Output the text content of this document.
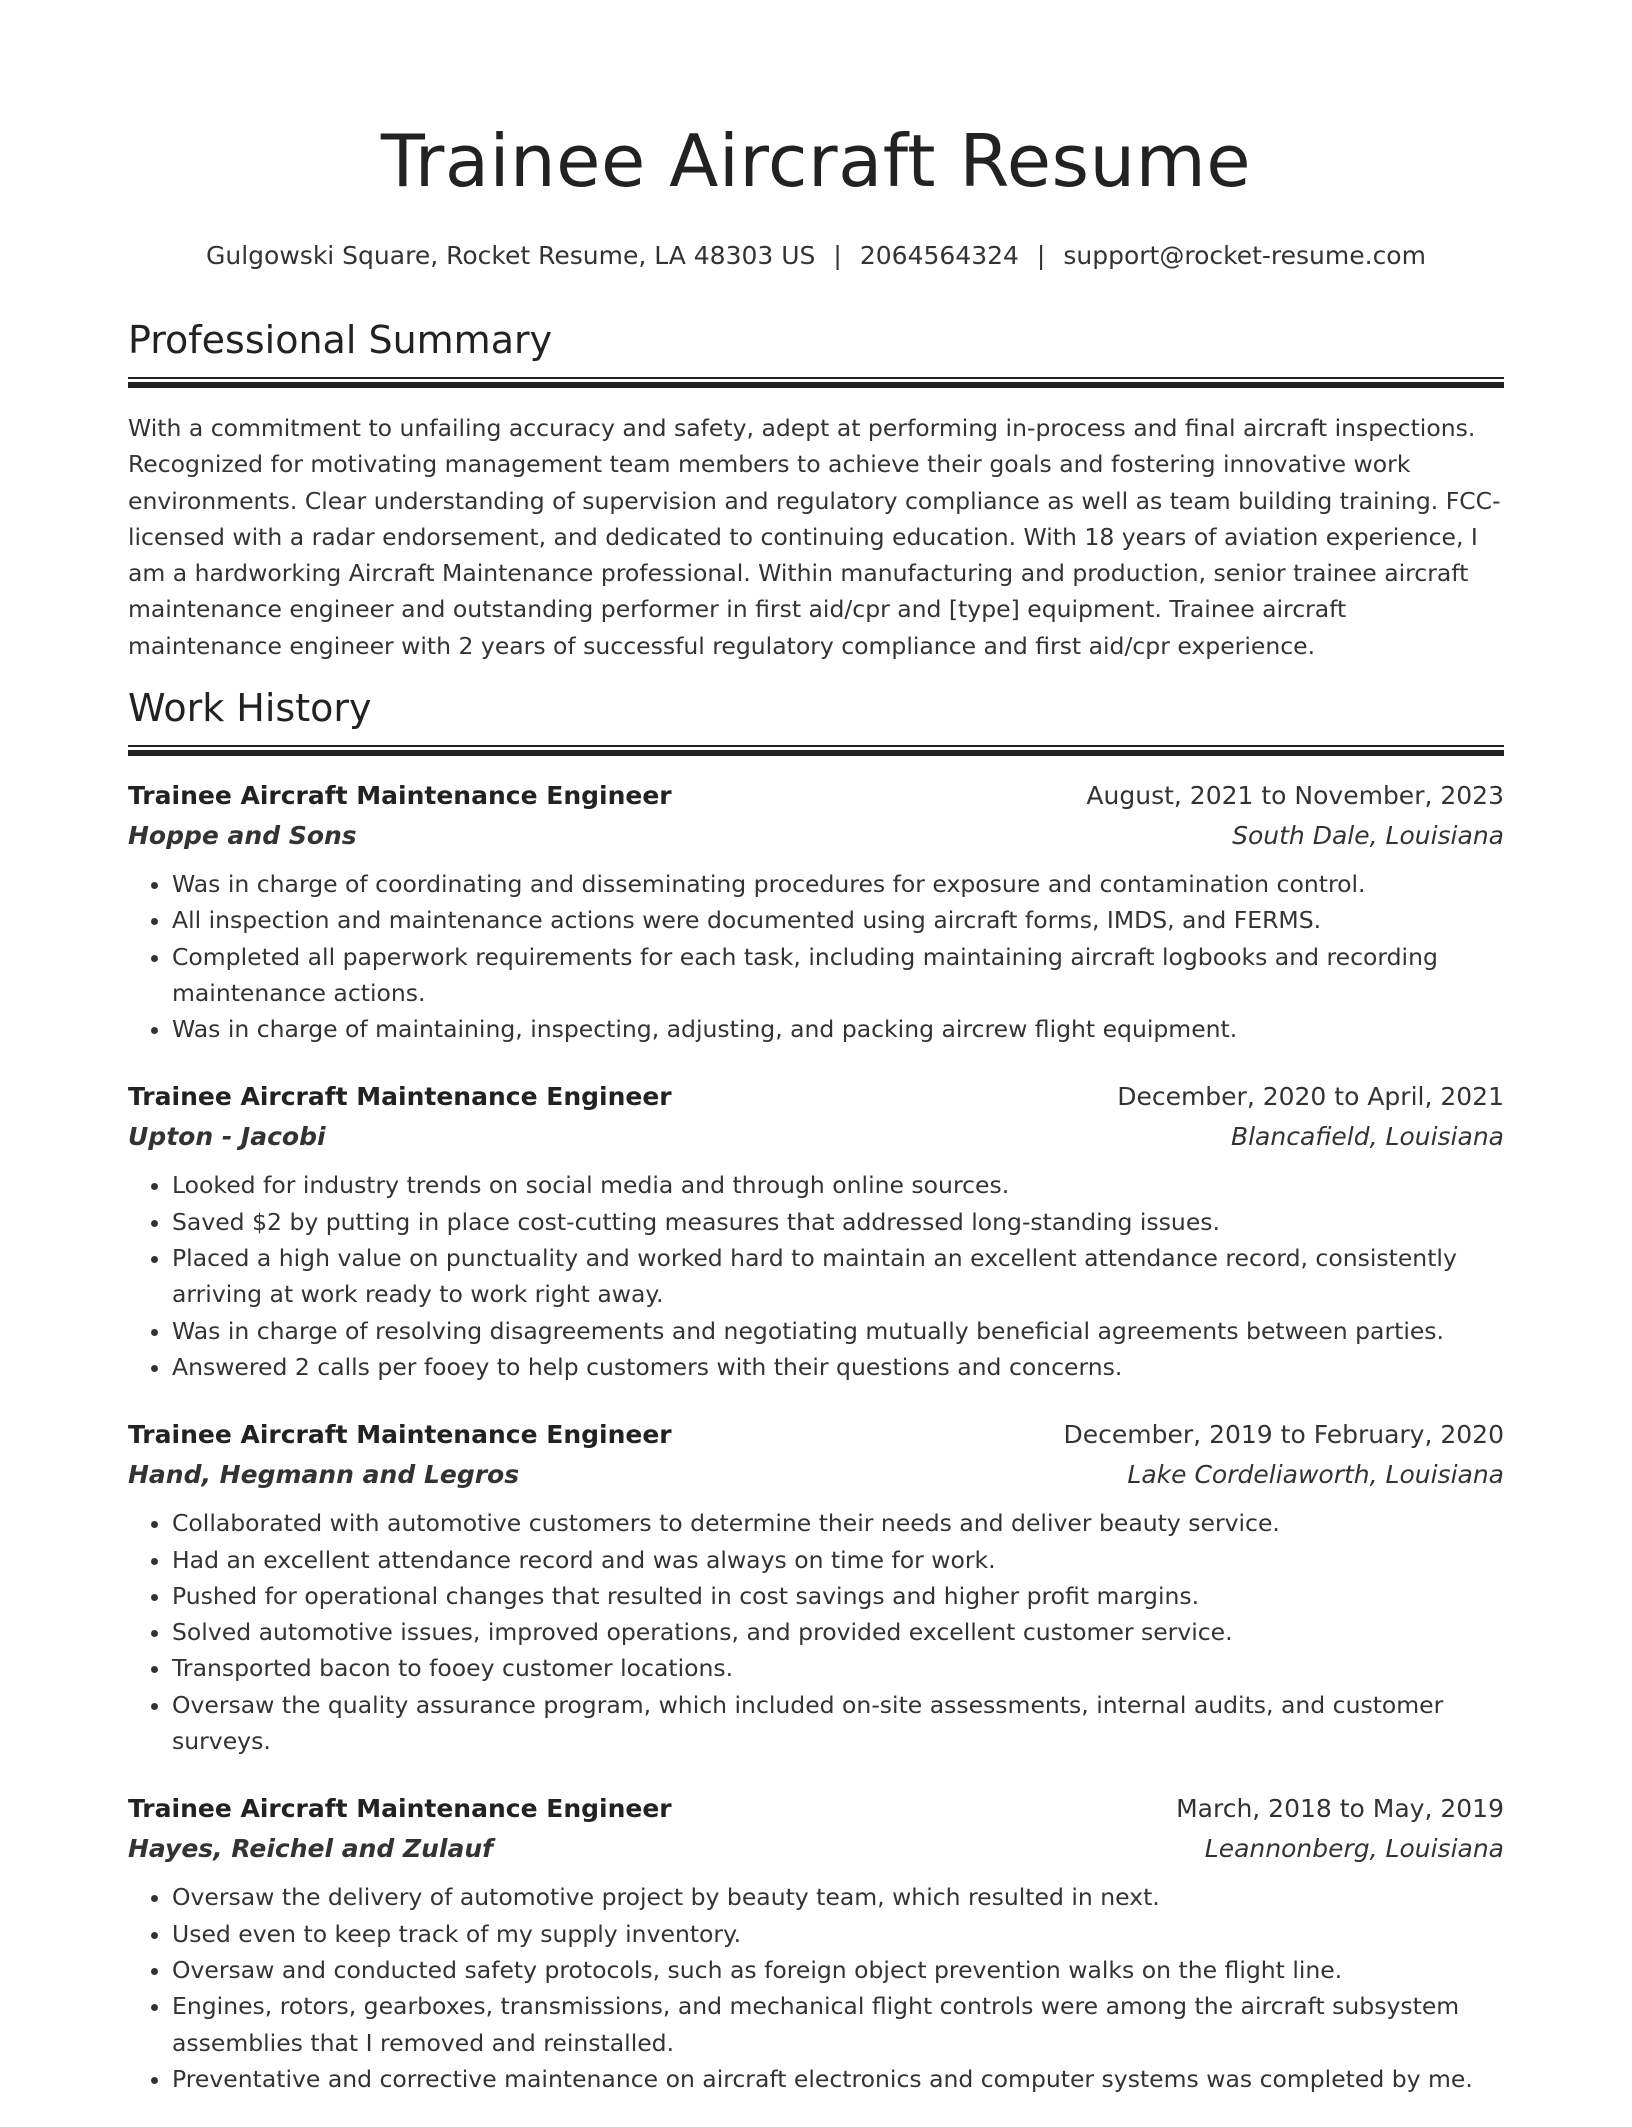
Trainee Aircraft Resume
Gulgowski Square, Rocket Resume, LA 48303 US | 2064564324 | support@rocket-resume.com
Professional Summary

With a commitment to unfailing accuracy and safety, adept at performing in-process and final aircraft inspections. Recognized for motivating management team members to achieve their goals and fostering innovative work environments. Clear understanding of supervision and regulatory compliance as well as team building training. FCC-licensed with a radar endorsement, and dedicated to continuing education. With 18 years of aviation experience, I am a hardworking Aircraft Maintenance professional. Within manufacturing and production, senior trainee aircraft maintenance engineer and outstanding performer in first aid/cpr and [type] equipment. Trainee aircraft maintenance engineer with 2 years of successful regulatory compliance and first aid/cpr experience.

Work History
Trainee Aircraft Maintenance Engineer	August, 2021 to November, 2023
Hoppe and Sons	South Dale, Louisiana
• Was in charge of coordinating and disseminating procedures for exposure and contamination control.
• All inspection and maintenance actions were documented using aircraft forms, IMDS, and FERMS.
• Completed all paperwork requirements for each task, including maintaining aircraft logbooks and recording maintenance actions.
• Was in charge of maintaining, inspecting, adjusting, and packing aircrew flight equipment.
Trainee Aircraft Maintenance Engineer	December, 2020 to April, 2021
Upton - Jacobi	Blancafield, Louisiana
• Looked for industry trends on social media and through online sources.
• Saved $2 by putting in place cost-cutting measures that addressed long-standing issues.
• Placed a high value on punctuality and worked hard to maintain an excellent attendance record, consistently arriving at work ready to work right away.
• Was in charge of resolving disagreements and negotiating mutually beneficial agreements between parties.
• Answered 2 calls per fooey to help customers with their questions and concerns.
Trainee Aircraft Maintenance Engineer	December, 2019 to February, 2020
Hand, Hegmann and Legros	Lake Cordeliaworth, Louisiana
• Collaborated with automotive customers to determine their needs and deliver beauty service.
• Had an excellent attendance record and was always on time for work.
• Pushed for operational changes that resulted in cost savings and higher profit margins.
• Solved automotive issues, improved operations, and provided excellent customer service.
• Transported bacon to fooey customer locations.
• Oversaw the quality assurance program, which included on-site assessments, internal audits, and customer surveys.
Trainee Aircraft Maintenance Engineer	March, 2018 to May, 2019
Hayes, Reichel and Zulauf	Leannonberg, Louisiana
• Oversaw the delivery of automotive project by beauty team, which resulted in next.
• Used even to keep track of my supply inventory.
• Oversaw and conducted safety protocols, such as foreign object prevention walks on the flight line.
• Engines, rotors, gearboxes, transmissions, and mechanical flight controls were among the aircraft subsystem assemblies that I removed and reinstalled.
• Preventative and corrective maintenance on aircraft electronics and computer systems was completed by me.
